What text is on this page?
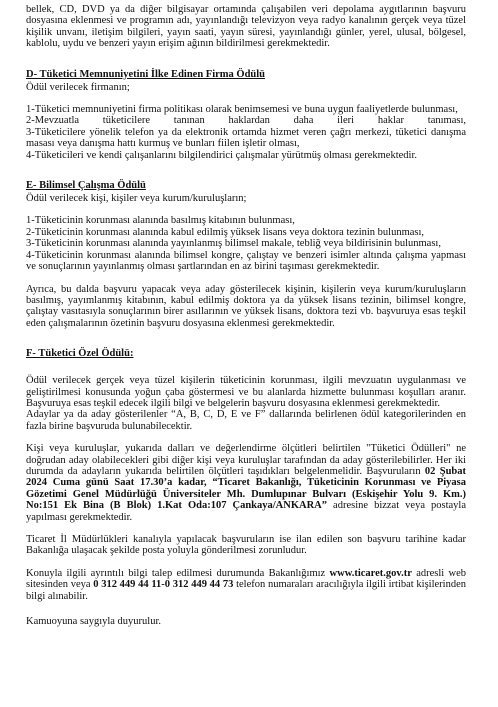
bellek, CD, DVD ya da diğer bilgisayar ortamında çalışabilen veri depolama aygıtlarının başvuru dosyasına eklenmesi ve programın adı, yayınlandığı televizyon veya radyo kanalının gerçek veya tüzel kişilik unvanı, iletişim bilgileri, yayın saati, yayın süresi, yayınlandığı günler, yerel, ulusal, bölgesel, kablolu, uydu ve benzeri yayın erişim ağının bildirilmesi gerekmektedir.

D- Tüketici Memnuniyetini İlke Edinen Firma Ödülü
Ödül verilecek firmanın;

1-Tüketici memnuniyetini firma politikası olarak benimsemesi ve buna uygun faaliyetlerde bulunması,

2-Mevzuatla tüketicilere tanınan haklardan daha ileri haklar tanıması,

3-Tüketicilere yönelik telefon ya da elektronik ortamda hizmet veren çağrı merkezi, tüketici danışma masası veya danışma hattı kurmuş ve bunları fiilen işletir olması,

4-Tüketicileri ve kendi çalışanlarını bilgilendirici çalışmalar yürütmüş olması gerekmektedir.

E- Bilimsel Çalışma Ödülü
Ödül verilecek kişi, kişiler veya kurum/kuruluşların;
1-Tüketicinin korunması alanında basılmış kitabının bulunması,
2-Tüketicinin korunması alanında kabul edilmiş yüksek lisans veya doktora tezinin bulunması,
3-Tüketicinin korunması alanında yayınlanmış bilimsel makale, tebliğ veya bildirisinin bulunması,

4-Tüketicinin korunması alanında bilimsel kongre, çalıştay ve benzeri isimler altında çalışma yapması ve sonuçlarının yayınlanmış olması şartlarından en az birini taşıması gerekmektedir.

Ayrıca, bu dalda başvuru yapacak veya aday gösterilecek kişinin, kişilerin veya kurum/kuruluşların basılmış, yayımlanmış kitabının, kabul edilmiş doktora ya da yüksek lisans tezinin, bilimsel kongre, çalıştay vasıtasıyla sonuçlarının birer asıllarının ve yüksek lisans, doktora tezi vb. başvuruya esas teşkil eden çalışmalarının özetinin başvuru dosyasına eklenmesi gerekmektedir.

F- Tüketici Özel Ödülü:

Ödül verilecek gerçek veya tüzel kişilerin tüketicinin korunması, ilgili mevzuatın uygulanması ve geliştirilmesi konusunda yoğun çaba göstermesi ve bu alanlarda hizmette bulunması koşulları aranır. Başvuruya esas teşkil edecek ilgili bilgi ve belgelerin başvuru dosyasına eklenmesi gerekmektedir.

Adaylar ya da aday gösterilenler “A, B, C, D, E ve F” dallarında belirlenen ödül kategorilerinden en fazla birine başvuruda bulunabilecektir.

Kişi veya kuruluşlar, yukarıda dalları ve değerlendirme ölçütleri belirtilen "Tüketici Ödülleri" ne doğrudan aday olabilecekleri gibi diğer kişi veya kuruluşlar tarafından da aday gösterilebilirler. Her iki durumda da adayların yukarıda belirtilen ölçütleri taşıdıkları belgelenmelidir. Başvuruların 02 Şubat 2024 Cuma günü Saat 17.30’a kadar, “Ticaret Bakanlığı, Tüketicinin Korunması ve Piyasa Gözetimi Genel Müdürlüğü Üniversiteler Mh. Dumlupınar Bulvarı (Eskişehir Yolu 9. Km.) No:151 Ek Bina (B Blok) 1.Kat Oda:107 Çankaya/ANKARA” adresine bizzat veya postayla yapılması gerekmektedir.

Ticaret İl Müdürlükleri kanalıyla yapılacak başvuruların ise ilan edilen son başvuru tarihine kadar Bakanlığa ulaşacak şekilde posta yoluyla gönderilmesi zorunludur.

Konuyla ilgili ayrıntılı bilgi talep edilmesi durumunda Bakanlığımız www.ticaret.gov.tr adresli web sitesinden veya 0 312 449 44 11-0 312 449 44 73 telefon numaraları aracılığıyla ilgili irtibat kişilerinden bilgi alınabilir.

Kamuoyuna saygıyla duyurulur.
